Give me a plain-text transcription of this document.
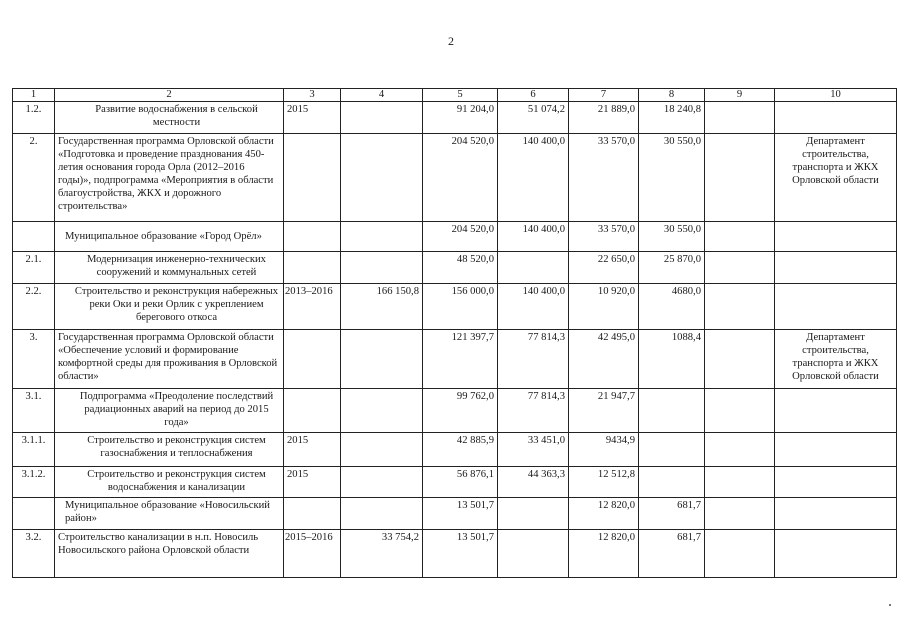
2
1	2	3	4	5	6	7	8	9	10
1.2.	Развитие водоснабжения в сельской местности	2015		91 204,0	51 074,2	21 889,0	18 240,8		
2.	Государственная программа Орловской области «Подготовка и проведение празднования 450-летия основания города Орла (2012–2016 годы)», подпрограмма «Мероприятия в области благоустройства, ЖКХ и дорожного строительства»			204 520,0	140 400,0	33 570,0	30 550,0		Департамент строительства, транспорта и ЖКХ Орловской области
	Муниципальное образование «Город Орёл»			204 520,0	140 400,0	33 570,0	30 550,0		
2.1.	Модернизация инженерно-технических сооружений и коммунальных сетей			48 520,0		22 650,0	25 870,0		
2.2.	Строительство и реконструкция набережных реки Оки и реки Орлик с укреплением берегового откоса	2013–2016	166 150,8	156 000,0	140 400,0	10 920,0	4680,0		
3.	Государственная программа Орловской области «Обеспечение условий и формирование комфортной среды для проживания в Орловской области»			121 397,7	77 814,3	42 495,0	1088,4		Департамент строительства, транспорта и ЖКХ Орловской области
3.1.	Подпрограмма «Преодоление последствий радиационных аварий на период до 2015 года»			99 762,0	77 814,3	21 947,7			
3.1.1.	Строительство и реконструкция систем газоснабжения и теплоснабжения	2015		42 885,9	33 451,0	9434,9			
3.1.2.	Строительство и реконструкция систем водоснабжения и канализации	2015		56 876,1	44 363,3	12 512,8			
	Муниципальное образование «Новосильский район»			13 501,7		12 820,0	681,7		
3.2.	Строительство канализации в н.п. Новосиль Новосильского района Орловской области	2015–2016	33 754,2	13 501,7		12 820,0	681,7		
